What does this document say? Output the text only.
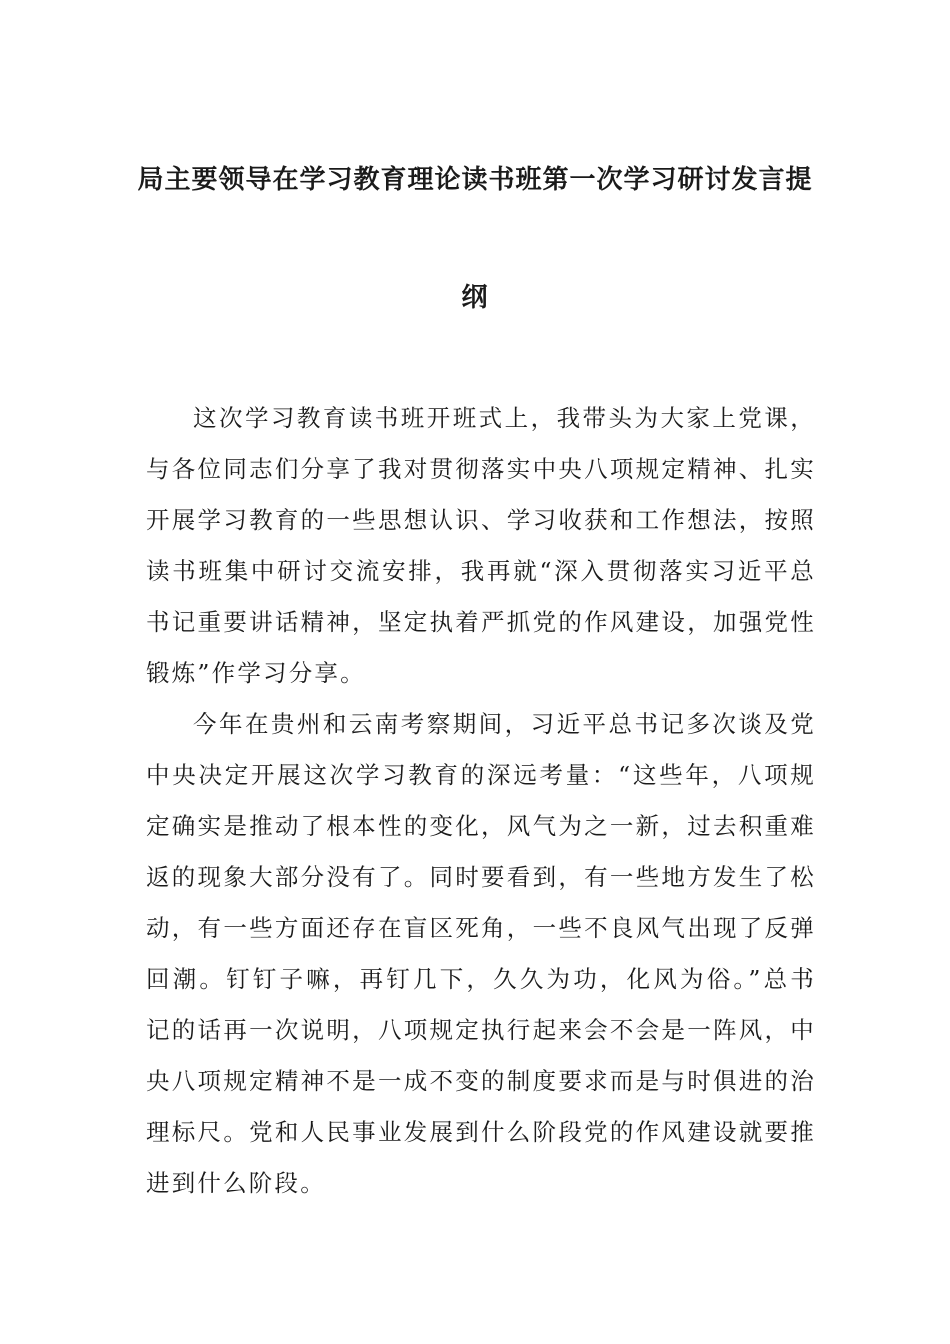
局主要领导在学习教育理论读书班第一次学习研讨发言提
纲

这次学习教育读书班开班式上，我带头为大家上党课，与各位同志们分享了我对贯彻落实中央八项规定精神、扎实开展学习教育的一些思想认识、学习收获和工作想法，按照读书班集中研讨交流安排，我再就“深入贯彻落实习近平总书记重要讲话精神，坚定执着严抓党的作风建设，加强党性锻炼”作学习分享。

今年在贵州和云南考察期间，习近平总书记多次谈及党中央决定开展这次学习教育的深远考量：“这些年，八项规定确实是推动了根本性的变化，风气为之一新，过去积重难返的现象大部分没有了。同时要看到，有一些地方发生了松动，有一些方面还存在盲区死角，一些不良风气出现了反弹回潮。钉钉子嘛，再钉几下，久久为功，化风为俗。”总书记的话再一次说明，八项规定执行起来会不会是一阵风，中央八项规定精神不是一成不变的制度要求而是与时俱进的治理标尺。党和人民事业发展到什么阶段党的作风建设就要推进到什么阶段。
